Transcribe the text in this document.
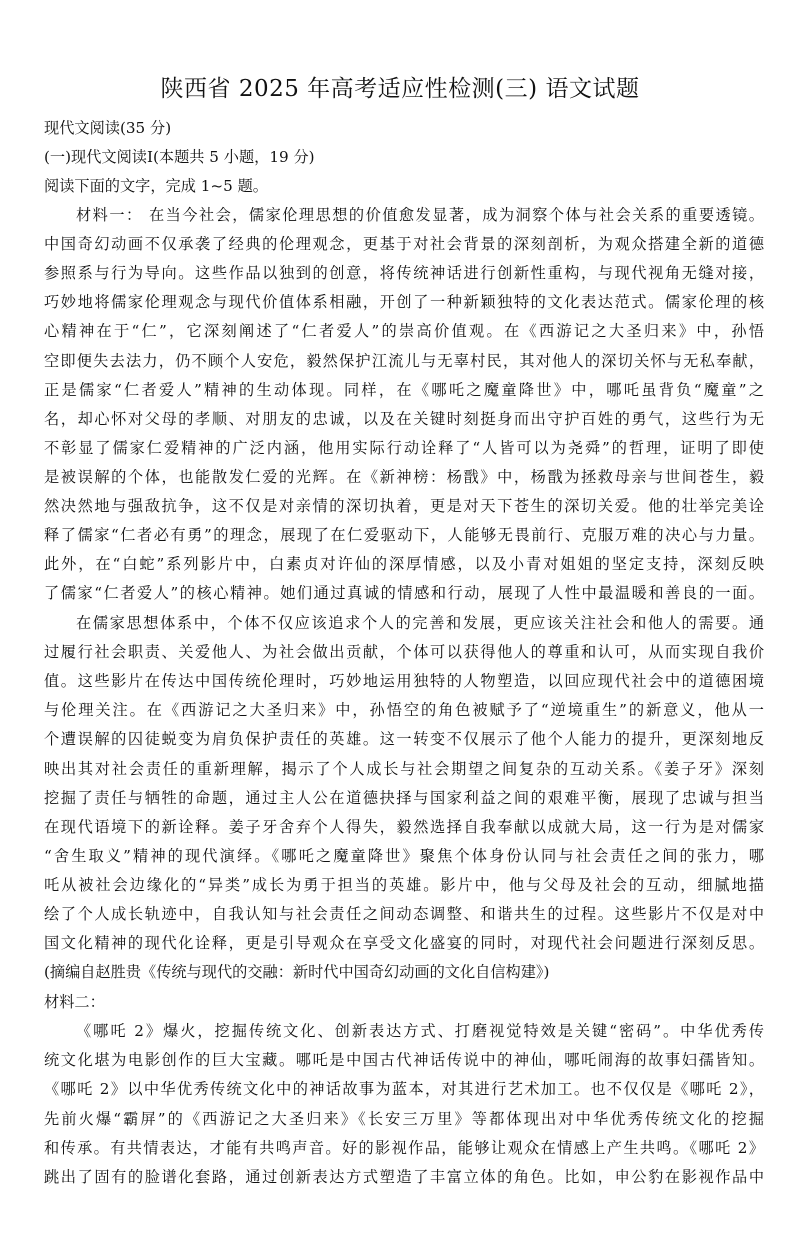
陕西省 2025 年高考适应性检测(三) 语文试题
现代文阅读(35 分)
(一)现代文阅读Ⅰ(本题共 5 小题，19 分)
阅读下面的文字，完成 1~5 题。
材料一： 在当今社会，儒家伦理思想的价值愈发显著，成为洞察个体与社会关系的重要透镜。
中国奇幻动画不仅承袭了经典的伦理观念，更基于对社会背景的深刻剖析，为观众搭建全新的道德
参照系与行为导向。这些作品以独到的创意，将传统神话进行创新性重构，与现代视角无缝对接，
巧妙地将儒家伦理观念与现代价值体系相融，开创了一种新颖独特的文化表达范式。儒家伦理的核
心精神在于“仁”，它深刻阐述了“仁者爱人”的崇高价值观。在《西游记之大圣归来》中，孙悟
空即便失去法力，仍不顾个人安危，毅然保护江流儿与无辜村民，其对他人的深切关怀与无私奉献，
正是儒家“仁者爱人”精神的生动体现。同样，在《哪吒之魔童降世》中，哪吒虽背负“魔童”之
名，却心怀对父母的孝顺、对朋友的忠诚，以及在关键时刻挺身而出守护百姓的勇气，这些行为无
不彰显了儒家仁爱精神的广泛内涵，他用实际行动诠释了“人皆可以为尧舜”的哲理，证明了即使
是被误解的个体，也能散发仁爱的光辉。在《新神榜：杨戬》中，杨戬为拯救母亲与世间苍生，毅
然决然地与强敌抗争，这不仅是对亲情的深切执着，更是对天下苍生的深切关爱。他的壮举完美诠
释了儒家“仁者必有勇”的理念，展现了在仁爱驱动下，人能够无畏前行、克服万难的决心与力量。
此外，在“白蛇”系列影片中，白素贞对许仙的深厚情感，以及小青对姐姐的坚定支持，深刻反映
了儒家“仁者爱人”的核心精神。她们通过真诚的情感和行动，展现了人性中最温暖和善良的一面。
在儒家思想体系中，个体不仅应该追求个人的完善和发展，更应该关注社会和他人的需要。通
过履行社会职责、关爱他人、为社会做出贡献，个体可以获得他人的尊重和认可，从而实现自我价
值。这些影片在传达中国传统伦理时，巧妙地运用独特的人物塑造，以回应现代社会中的道德困境
与伦理关注。在《西游记之大圣归来》中，孙悟空的角色被赋予了“逆境重生”的新意义，他从一
个遭误解的囚徒蜕变为肩负保护责任的英雄。这一转变不仅展示了他个人能力的提升，更深刻地反
映出其对社会责任的重新理解，揭示了个人成长与社会期望之间复杂的互动关系。《姜子牙》深刻
挖掘了责任与牺牲的命题，通过主人公在道德抉择与国家利益之间的艰难平衡，展现了忠诚与担当
在现代语境下的新诠释。姜子牙舍弃个人得失，毅然选择自我奉献以成就大局，这一行为是对儒家
“舍生取义”精神的现代演绎。《哪吒之魔童降世》聚焦个体身份认同与社会责任之间的张力，哪
吒从被社会边缘化的“异类”成长为勇于担当的英雄。影片中，他与父母及社会的互动，细腻地描
绘了个人成长轨迹中，自我认知与社会责任之间动态调整、和谐共生的过程。这些影片不仅是对中
国文化精神的现代化诠释，更是引导观众在享受文化盛宴的同时，对现代社会问题进行深刻反思。
(摘编自赵胜贵《传统与现代的交融：新时代中国奇幻动画的文化自信构建》)
材料二：
《哪吒 2》爆火，挖掘传统文化、创新表达方式、打磨视觉特效是关键“密码”。中华优秀传
统文化堪为电影创作的巨大宝藏。哪吒是中国古代神话传说中的神仙，哪吒闹海的故事妇孺皆知。
《哪吒 2》以中华优秀传统文化中的神话故事为蓝本，对其进行艺术加工。也不仅仅是《哪吒 2》，
先前火爆“霸屏”的《西游记之大圣归来》《长安三万里》等都体现出对中华优秀传统文化的挖掘
和传承。有共情表达，才能有共鸣声音。好的影视作品，能够让观众在情感上产生共鸣。《哪吒 2》
跳出了固有的脸谱化套路，通过创新表达方式塑造了丰富立体的角色。比如，申公豹在影视作品中
